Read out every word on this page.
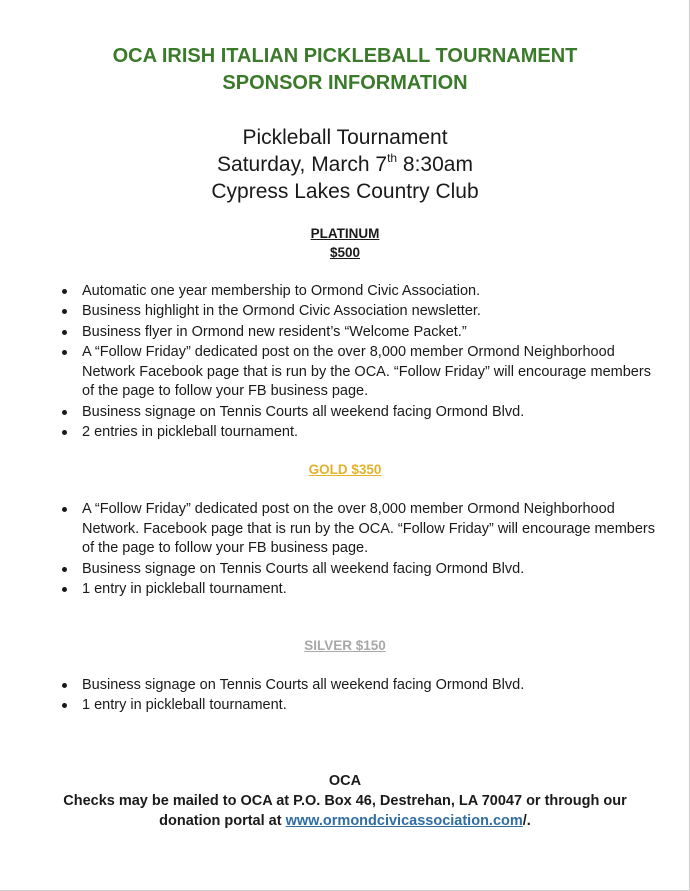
OCA IRISH ITALIAN PICKLEBALL TOURNAMENT
SPONSOR INFORMATION
Pickleball Tournament
Saturday, March 7th 8:30am
Cypress Lakes Country Club
PLATINUM
$500
Automatic one year membership to Ormond Civic Association.
Business highlight in the Ormond Civic Association newsletter.
Business flyer in Ormond new resident’s “Welcome Packet.”
A “Follow Friday” dedicated post on the over 8,000 member Ormond Neighborhood Network Facebook page that is run by the OCA. “Follow Friday” will encourage members of the page to follow your FB business page.
Business signage on Tennis Courts all weekend facing Ormond Blvd.
2 entries in pickleball tournament.
GOLD $350
A “Follow Friday” dedicated post on the over 8,000 member Ormond Neighborhood Network. Facebook page that is run by the OCA. “Follow Friday” will encourage members of the page to follow your FB business page.
Business signage on Tennis Courts all weekend facing Ormond Blvd.
1 entry in pickleball tournament.
SILVER $150
Business signage on Tennis Courts all weekend facing Ormond Blvd.
1 entry in pickleball tournament.
OCA
Checks may be mailed to OCA at P.O. Box 46, Destrehan, LA 70047 or through our
donation portal at www.ormondcivicassociation.com/.
